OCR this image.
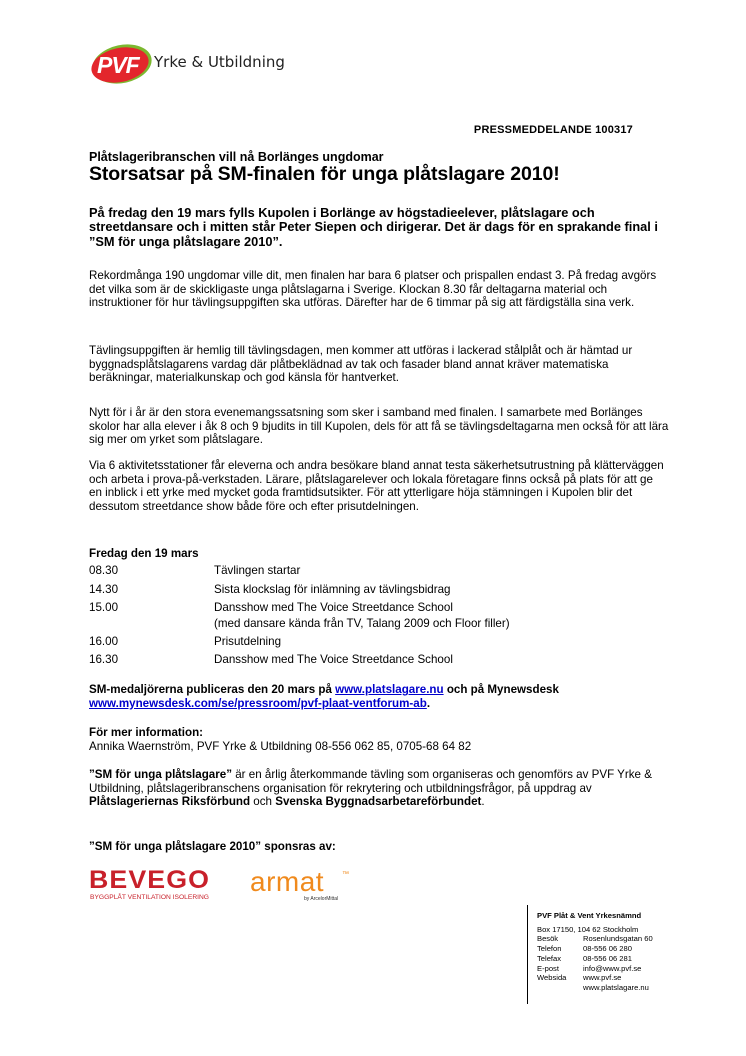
PVF Yrke & Utbildning
PRESSMEDDELANDE 100317
Plåtslageribranschen vill nå Borlänges ungdomar
Storsatsar på SM-finalen för unga plåtslagare 2010!

På fredag den 19 mars fylls Kupolen i Borlänge av högstadieelever, plåtslagare och streetdansare och i mitten står Peter Siepen och dirigerar. Det är dags för en sprakande final i ”SM för unga plåtslagare 2010”.

Rekordmånga 190 ungdomar ville dit, men finalen har bara 6 platser och prispallen endast 3. På fredag avgörs det vilka som är de skickligaste unga plåtslagarna i Sverige. Klockan 8.30 får deltagarna material och instruktioner för hur tävlingsuppgiften ska utföras. Därefter har de 6 timmar på sig att färdigställa sina verk.

Tävlingsuppgiften är hemlig till tävlingsdagen, men kommer att utföras i lackerad stålplåt och är hämtad ur byggnadsplåtslagarens vardag där plåtbeklädnad av tak och fasader bland annat kräver matematiska beräkningar, materialkunskap och god känsla för hantverket.

Nytt för i år är den stora evenemangssatsning som sker i samband med finalen. I samarbete med Borlänges skolor har alla elever i åk 8 och 9 bjudits in till Kupolen, dels för att få se tävlingsdeltagarna men också för att lära sig mer om yrket som plåtslagare.

Via 6 aktivitetsstationer får eleverna och andra besökare bland annat testa säkerhetsutrustning på klätterväggen och arbeta i prova-på-verkstaden. Lärare, plåtslagarelever och lokala företagare finns också på plats för att ge en inblick i ett yrke med mycket goda framtidsutsikter. För att ytterligare höja stämningen i Kupolen blir det dessutom streetdance show både före och efter prisutdelningen.

Fredag den 19 mars
08.30	Tävlingen startar
14.30	Sista klockslag för inlämning av tävlingsbidrag
15.00	Dansshow med The Voice Streetdance School
(med dansare kända från TV, Talang 2009 och Floor filler)
16.00	Prisutdelning
16.30	Dansshow med The Voice Streetdance School

SM-medaljörerna publiceras den 20 mars på www.platslagare.nu och på Mynewsdesk
www.mynewsdesk.com/se/pressroom/pvf-plaat-ventforum-ab.

För mer information:
Annika Waernström, PVF Yrke & Utbildning 08-556 062 85, 0705-68 64 82

”SM för unga plåtslagare” är en årlig återkommande tävling som organiseras och genomförs av PVF Yrke & Utbildning, plåtslageribranschens organisation för rekrytering och utbildningsfrågor, på uppdrag av Plåtslageriernas Riksförbund och Svenska Byggnadsarbetareförbundet.

”SM för unga plåtslagare 2010” sponsras av:
BEVEGO
BYGGPLÅT VENTILATION ISOLERING
armat	™
by ArcelorMittal
PVF Plåt & Vent Yrkesnämnd
Box 17150, 104 62 Stockholm
Besök	Rosenlundsgatan 60
Telefon	08-556 06 280
Telefax	08-556 06 281
E-post	info@www.pvf.se
Websida www.pvf.se
www.platslagare.nu
